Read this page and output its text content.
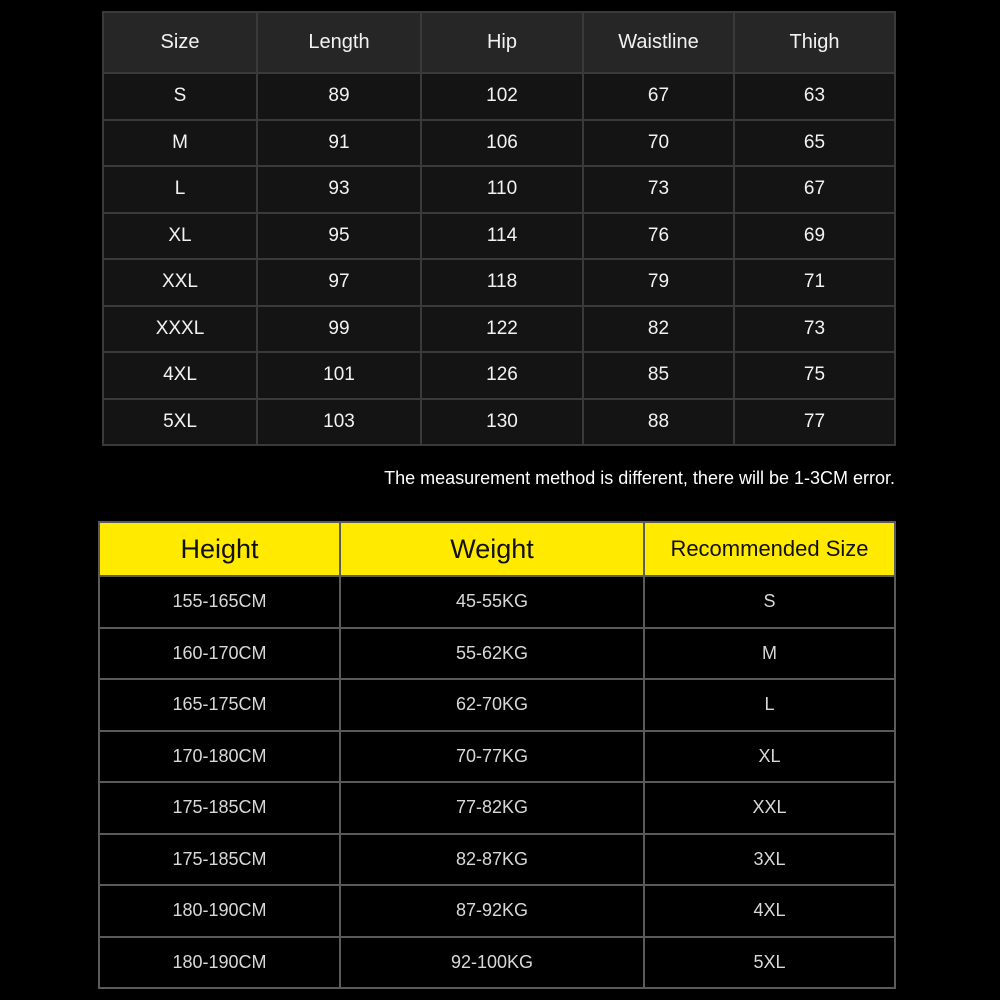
Size	Length	Hip	Waistline	Thigh
S	89	102	67	63
M	91	106	70	65
L	93	110	73	67
XL	95	114	76	69
XXL	97	118	79	71
XXXL	99	122	82	73
4XL	101	126	85	75
5XL	103	130	88	77
The measurement method is different, there will be 1-3CM error.
Height	Weight	Recommended Size
155-165CM	45-55KG	S
160-170CM	55-62KG	M
165-175CM	62-70KG	L
170-180CM	70-77KG	XL
175-185CM	77-82KG	XXL
175-185CM	82-87KG	3XL
180-190CM	87-92KG	4XL
180-190CM	92-100KG	5XL
